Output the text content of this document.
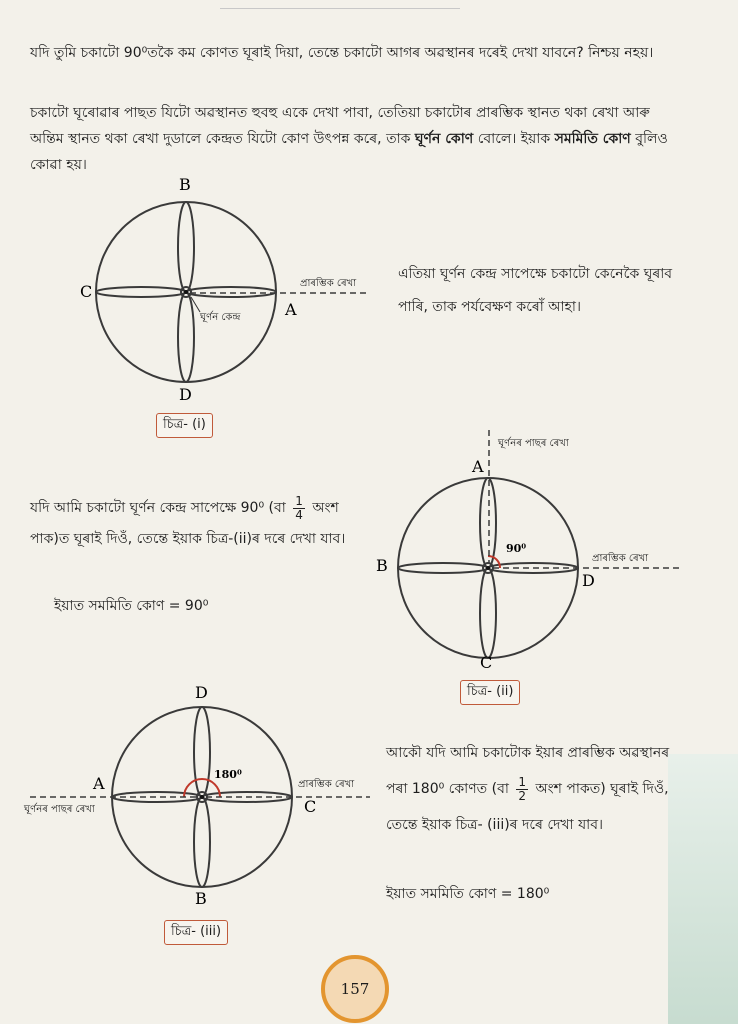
যদি তুমি চকাটো 90⁰তকৈ কম কোণত ঘূৰাই দিয়া, তেন্তে চকাটো আগৰ অৱস্থানৰ দৰেই দেখা যাবনে? নিশ্চয় নহয়।

চকাটো ঘূৰোৱাৰ পাছত যিটো অৱস্থানত হুবহু একে দেখা পাবা, তেতিয়া চকাটোৰ প্ৰাৰম্ভিক স্থানত থকা ৰেখা আৰু অন্তিম স্থানত থকা ৰেখা দুডালে কেন্দ্ৰত যিটো কোণ উৎপন্ন কৰে, তাক ঘূৰ্ণন কোণ বোলে। ইয়াক সমমিতি কোণ বুলিও কোৱা হয়।

B
C
A
D
প্ৰাৰম্ভিক ৰেখা
ঘূৰ্ণন কেন্দ্ৰ
চিত্ৰ- (i)
এতিয়া ঘূৰ্ণন কেন্দ্ৰ সাপেক্ষে চকাটো কেনেকৈ ঘূৰাব পাৰি, তাক পৰ্যবেক্ষণ কৰোঁ আহা।
ঘূৰ্ণনৰ পাছৰ ৰেখা
A
B
D
C
90⁰
প্ৰাৰম্ভিক ৰেখা
চিত্ৰ- (ii)
যদি আমি চকাটো ঘূৰ্ণন কেন্দ্ৰ সাপেক্ষে 90⁰ (বা $\frac{1}{4}$ অংশ পাক)ত ঘূৰাই দিওঁ, তেন্তে ইয়াক চিত্ৰ-(ii)ৰ দৰে দেখা যাব।
ইয়াত সমমিতি কোণ = 90⁰
D
A
C
B
180⁰
প্ৰাৰম্ভিক ৰেখা
ঘূৰ্ণনৰ পাছৰ ৰেখা
চিত্ৰ- (iii)
আকৌ যদি আমি চকাটোক ইয়াৰ প্ৰাৰম্ভিক অৱস্থানৰ পৰা 180⁰ কোণত (বা $\frac{1}{2}$ অংশ পাকত) ঘূৰাই দিওঁ, তেন্তে ইয়াক চিত্ৰ- (iii)ৰ দৰে দেখা যাব।
ইয়াত সমমিতি কোণ = 180⁰
157
